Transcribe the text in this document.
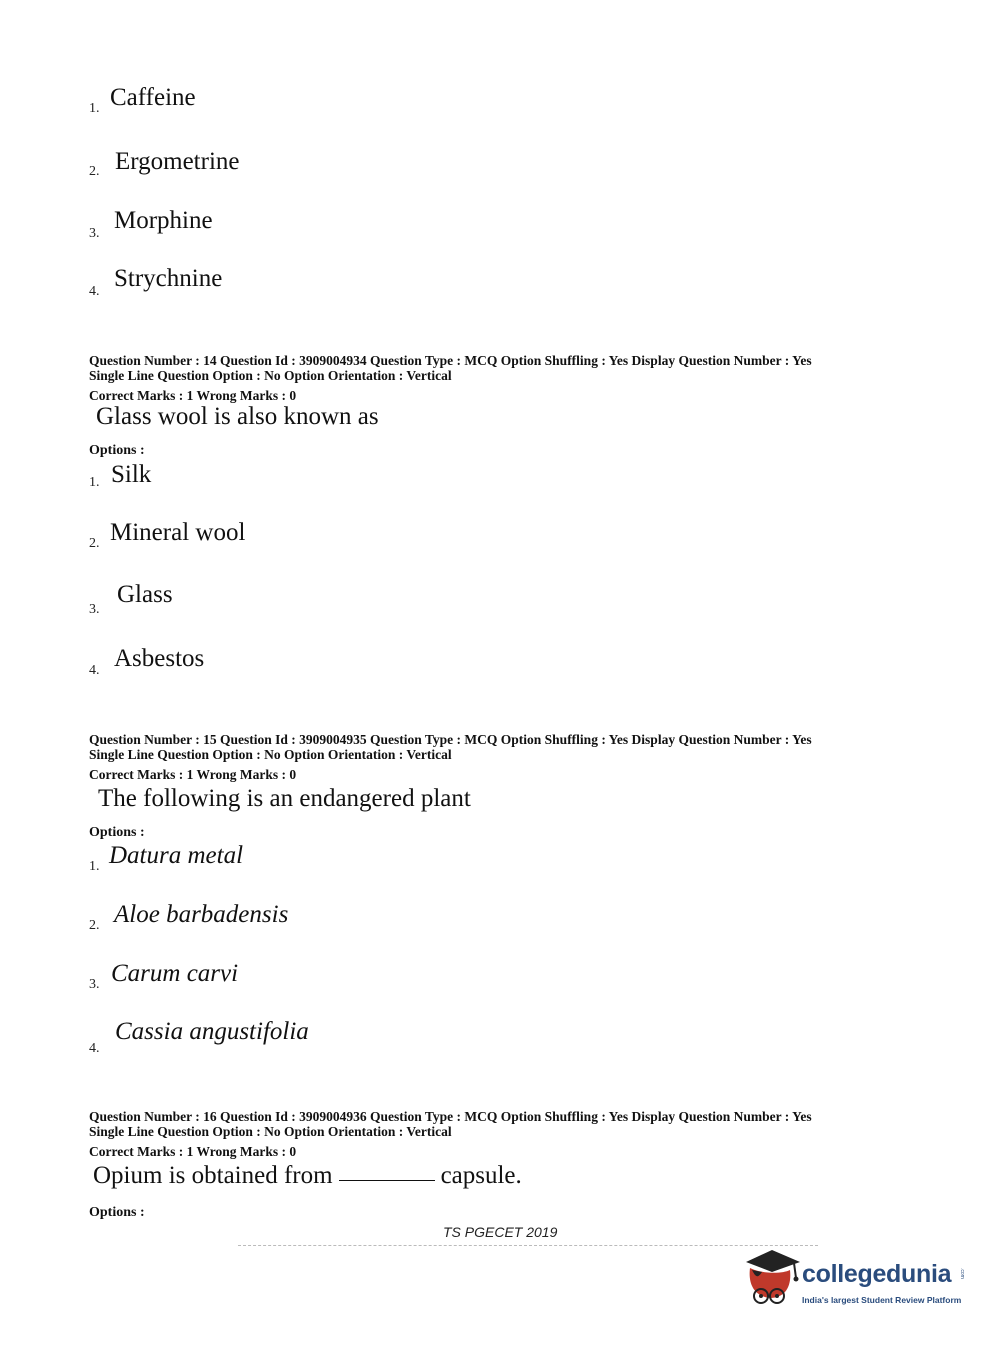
1. Caffeine
2. Ergometrine
3. Morphine
4. Strychnine
Question Number : 14 Question Id : 3909004934 Question Type : MCQ Option Shuffling : Yes Display Question Number : Yes
Single Line Question Option : No Option Orientation : Vertical
Correct Marks : 1 Wrong Marks : 0
Glass wool is also known as
Options :
1. Silk
2. Mineral wool
3.
Glass
4. Asbestos
Question Number : 15 Question Id : 3909004935 Question Type : MCQ Option Shuffling : Yes Display Question Number : Yes
Single Line Question Option : No Option Orientation : Vertical
Correct Marks : 1 Wrong Marks : 0
The following is an endangered plant
Options :
1. Datura metal
2. Aloe barbadensis
3. Carum carvi
4.
Cassia angustifolia
Question Number : 16 Question Id : 3909004936 Question Type : MCQ Option Shuffling : Yes Display Question Number : Yes
Single Line Question Option : No Option Orientation : Vertical
Correct Marks : 1 Wrong Marks : 0
Opium is obtained from	capsule.
Options :
TS PGECET 2019
collegedunia .com
India's largest Student Review Platform
